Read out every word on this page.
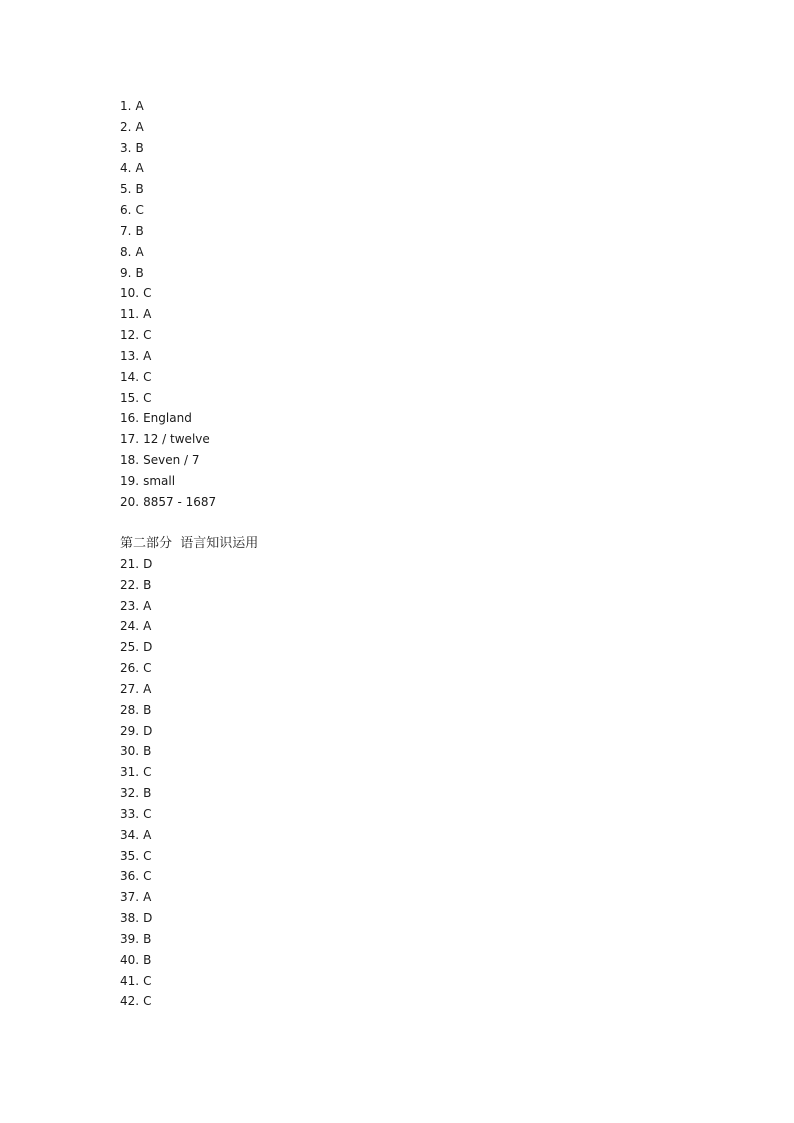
1. A
2. A
3. B
4. A
5. B
6. C
7. B
8. A
9. B
10. C
11. A
12. C
13. A
14. C
15. C
16. England
17. 12 / twelve
18. Seven / 7
19. small
20. 8857 - 1687
第二部分  语言知识运用
21. D
22. B
23. A
24. A
25. D
26. C
27. A
28. B
29. D
30. B
31. C
32. B
33. C
34. A
35. C
36. C
37. A
38. D
39. B
40. B
41. C
42. C
